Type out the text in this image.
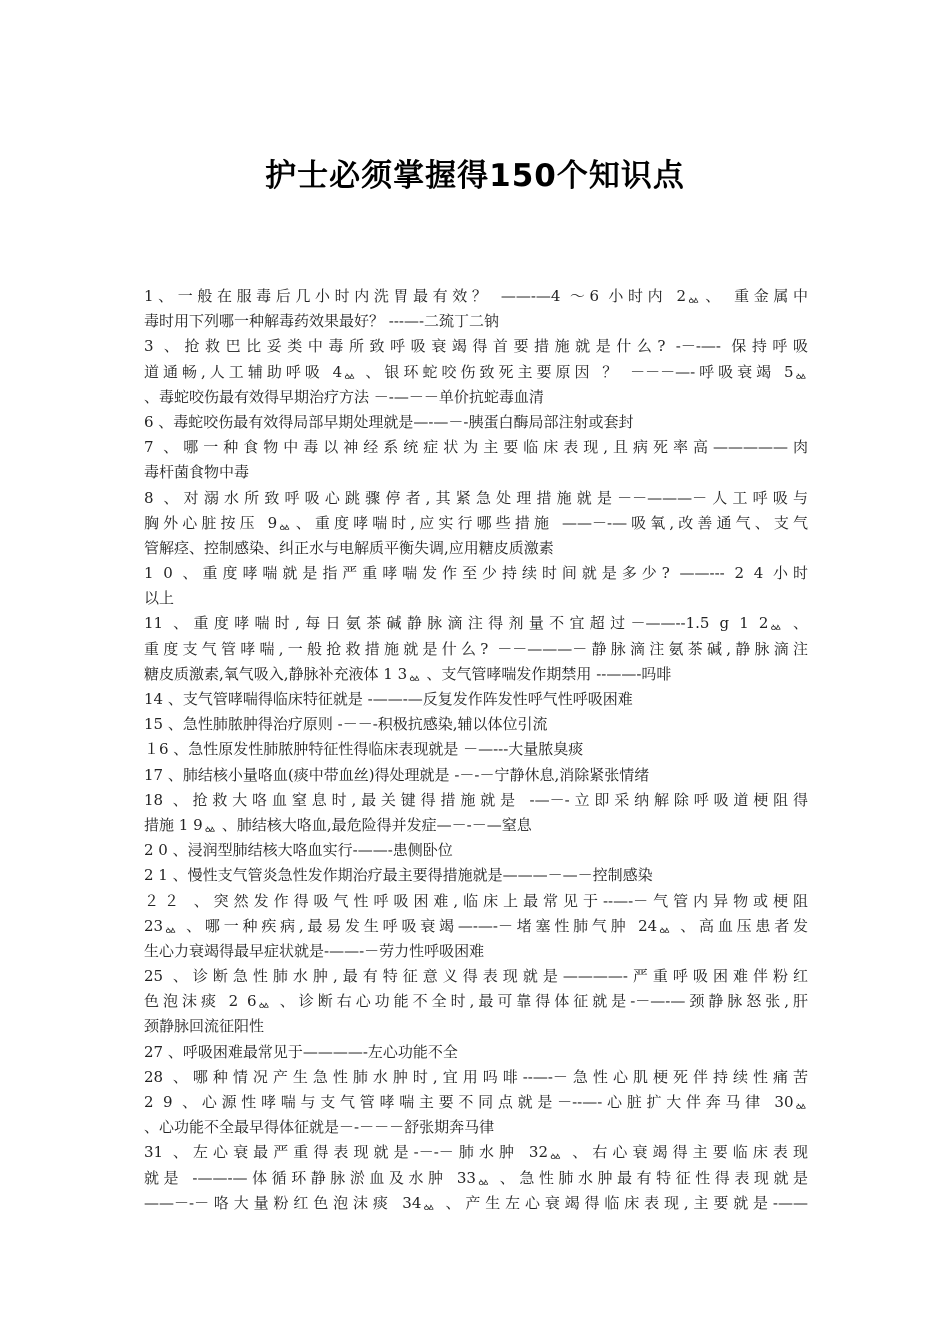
护士必须掌握得150个知识点
1、一般在服毒后几小时内洗胃最有效？ ——-—4 ～6 小时内 2ᇲ、 重金属中
毒时用下列哪一种解毒药效果最好？ ---—-二巯丁二钠
3 、抢救巴比妥类中毒所致呼吸衰竭得首要措施就是什么? -－-—- 保持呼吸
道通畅,人工辅助呼吸 4ᇲ 、银环蛇咬伤致死主要原因 ？ －－－—-呼吸衰竭 5ᇲ
、毒蛇咬伤最有效得早期治疗方法 －-—－－单价抗蛇毒血清
6 、毒蛇咬伤最有效得局部早期处理就是—-—－-胰蛋白酶局部注射或套封
7 、哪一种食物中毒以神经系统症状为主要临床表现,且病死率高—————肉
毒杆菌食物中毒
8 、对溺水所致呼吸心跳骤停者,其紧急处理措施就是－－———－人工呼吸与
胸外心脏按压 9ᇲ、重度哮喘时,应实行哪些措施 ——－-—吸氧,改善通气、支气
管解痉、控制感染、纠正水与电解质平衡失调,应用糖皮质激素
1 0 、重度哮喘就是指严重哮喘发作至少持续时间就是多少? ——--- 2 4 小时
以上
11 、重度哮喘时,每日氨茶碱静脉滴注得剂量不宜超过－——--1.5 g 1 2ᇲ 、
重度支气管哮喘,一般抢救措施就是什么? －－———－静脉滴注氨茶碱,静脉滴注
糖皮质激素,氧气吸入,静脉补充液体 1 3ᇲ 、支气管哮喘发作期禁用 --——-吗啡
14 、支气管哮喘得临床特征就是 -——-—反复发作阵发性呼气性呼吸困难
15 、急性肺脓肿得治疗原则 -－－-积极抗感染,辅以体位引流
１6 、急性原发性肺脓肿特征性得临床表现就是 －—---大量脓臭痰
17 、肺结核小量咯血(痰中带血丝)得处理就是 -－-－宁静休息,消除紧张情绪
18 、抢救大咯血窒息时,最关键得措施就是 -—－-立即采纳解除呼吸道梗阻得
措施 1 9ᇲ 、肺结核大咯血,最危险得并发症—－-－—窒息
2 0 、浸润型肺结核大咯血实行-——-患侧卧位
2 1 、慢性支气管炎急性发作期治疗最主要得措施就是———－—－控制感染
２２ 、突然发作得吸气性呼吸困难,临床上最常见于--—-－气管内异物或梗阻
23ᇲ 、哪一种疾病,最易发生呼吸衰竭—-—-－堵塞性肺气肿 24ᇲ 、高血压患者发
生心力衰竭得最早症状就是-——-－劳力性呼吸困难
25 、诊断急性肺水肿,最有特征意义得表现就是————-严重呼吸困难伴粉红
色泡沫痰 2 6ᇲ 、诊断右心功能不全时,最可靠得体征就是-－—-—颈静脉怒张,肝
颈静脉回流征阳性
27 、呼吸困难最常见于————-左心功能不全
28 、哪种情况产生急性肺水肿时,宜用吗啡--—-－急性心肌梗死伴持续性痛苦
2 9 、心源性哮喘与支气管哮喘主要不同点就是－--—-心脏扩大伴奔马律 30ᇲ
、心功能不全最早得体征就是－-－－－舒张期奔马律
31 、左心衰最严重得表现就是-－-－肺水肿 32ᇲ 、右心衰竭得主要临床表现
就是 -——-—体循环静脉淤血及水肿 33ᇲ 、急性肺水肿最有特征性得表现就是
——－-－咯大量粉红色泡沫痰 34ᇲ 、产生左心衰竭得临床表现,主要就是-——
